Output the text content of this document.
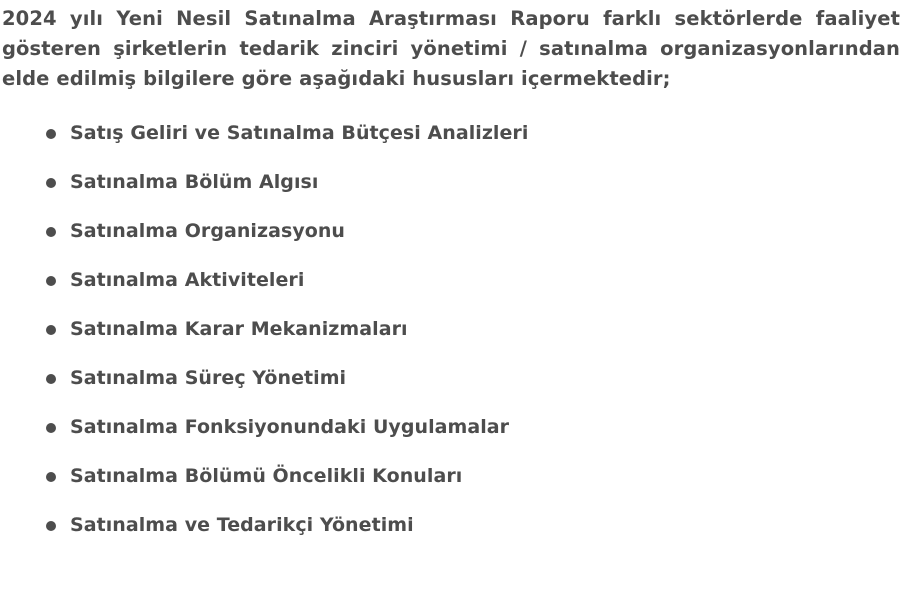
2024 yılı Yeni Nesil Satınalma Araştırması Raporu farklı sektörlerde faaliyet gösteren şirketlerin tedarik zinciri yönetimi / satınalma organizasyonlarından elde edilmiş bilgilere göre aşağıdaki hususları içermektedir;

Satış Geliri ve Satınalma Bütçesi Analizleri
Satınalma Bölüm Algısı
Satınalma Organizasyonu
Satınalma Aktiviteleri
Satınalma Karar Mekanizmaları
Satınalma Süreç Yönetimi
Satınalma Fonksiyonundaki Uygulamalar
Satınalma Bölümü Öncelikli Konuları
Satınalma ve Tedarikçi Yönetimi
